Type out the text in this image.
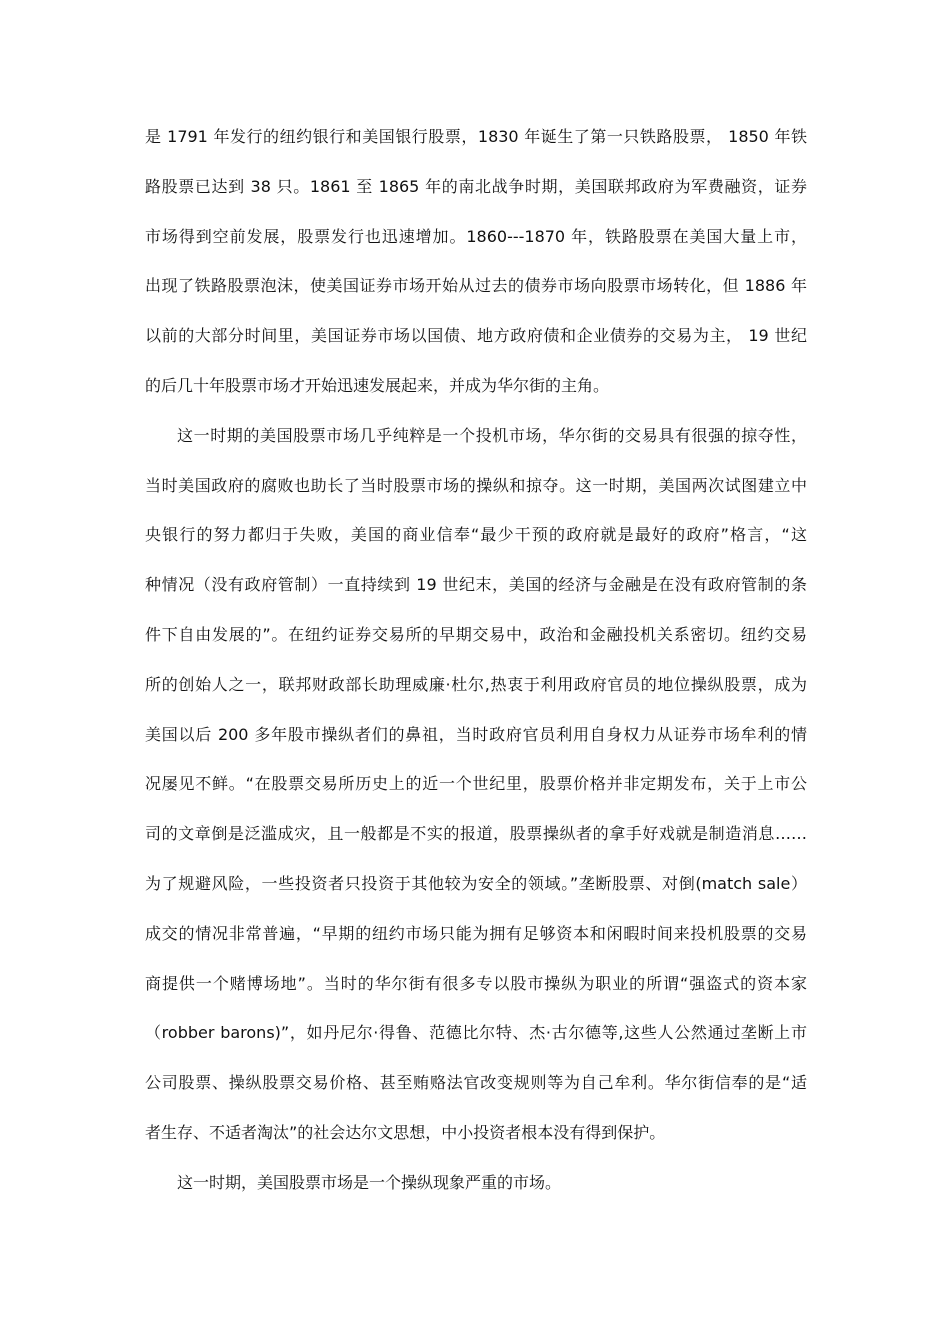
是 1791 年发行的纽约银行和美国银行股票，1830 年诞生了第一只铁路股票， 1850 年铁
路股票已达到 38 只。1861 至 1865 年的南北战争时期，美国联邦政府为军费融资，证券
市场得到空前发展，股票发行也迅速增加。1860---1870 年，铁路股票在美国大量上市，
出现了铁路股票泡沫，使美国证券市场开始从过去的债券市场向股票市场转化，但 1886 年
以前的大部分时间里，美国证券市场以国债、地方政府债和企业债券的交易为主， 19 世纪
的后几十年股票市场才开始迅速发展起来，并成为华尔街的主角。
这一时期的美国股票市场几乎纯粹是一个投机市场，华尔街的交易具有很强的掠夺性，
当时美国政府的腐败也助长了当时股票市场的操纵和掠夺。这一时期，美国两次试图建立中
央银行的努力都归于失败，美国的商业信奉“最少干预的政府就是最好的政府”格言，“这
种情况（没有政府管制）一直持续到 19 世纪末，美国的经济与金融是在没有政府管制的条
件下自由发展的”。在纽约证券交易所的早期交易中，政治和金融投机关系密切。纽约交易
所的创始人之一，联邦财政部长助理威廉·杜尔,热衷于利用政府官员的地位操纵股票，成为
美国以后 200 多年股市操纵者们的鼻祖，当时政府官员利用自身权力从证券市场牟利的情
况屡见不鲜。“在股票交易所历史上的近一个世纪里，股票价格并非定期发布，关于上市公
司的文章倒是泛滥成灾，且一般都是不实的报道，股票操纵者的拿手好戏就是制造消息……
为了规避风险，一些投资者只投资于其他较为安全的领域。”垄断股票、对倒(match sale）
成交的情况非常普遍，“早期的纽约市场只能为拥有足够资本和闲暇时间来投机股票的交易
商提供一个赌博场地”。当时的华尔街有很多专以股市操纵为职业的所谓“强盗式的资本家
（robber barons)”，如丹尼尔·得鲁、范德比尔特、杰·古尔德等,这些人公然通过垄断上市
公司股票、操纵股票交易价格、甚至贿赂法官改变规则等为自己牟利。华尔街信奉的是“适
者生存、不适者淘汰”的社会达尔文思想，中小投资者根本没有得到保护。
这一时期，美国股票市场是一个操纵现象严重的市场。
